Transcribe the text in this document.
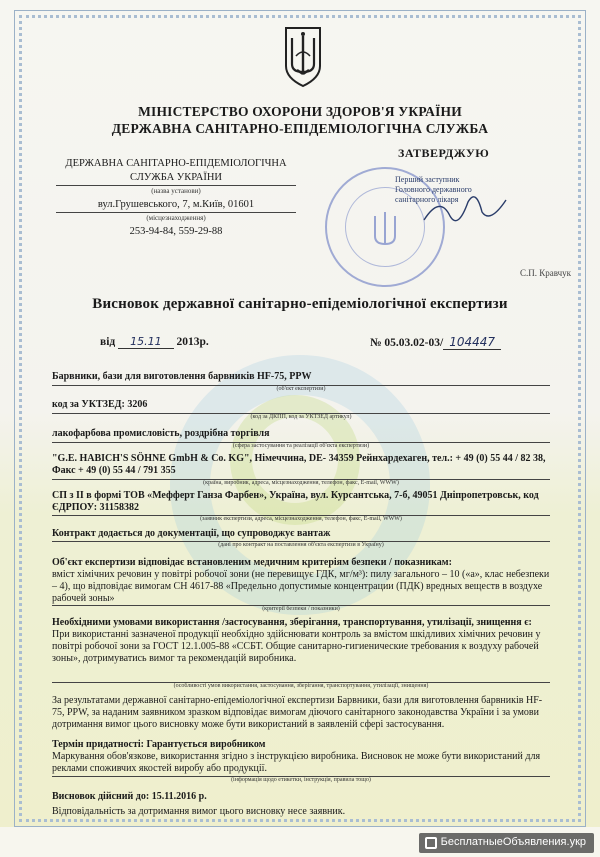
МІНІСТЕРСТВО ОХОРОНИ ЗДОРОВ'Я УКРАЇНИ
ДЕРЖАВНА САНІТАРНО-ЕПІДЕМІОЛОГІЧНА СЛУЖБА
ДЕРЖАВНА САНІТАРНО-ЕПІДЕМІОЛОГІЧНА
СЛУЖБА УКРАЇНИ
(назва установи)
вул.Грушевського, 7, м.Київ, 01601
(місцезнаходження)
253-94-84, 559-29-88
ЗАТВЕРДЖУЮ
Перший заступник
Головного державного
санітарного лікаря
С.П. Кравчук
Висновок державної санітарно-епідеміологічної експертизи
від 15.11 2013р.	№ 05.03.02-03/ 104447
Барвники, бази для виготовлення барвників HF-75, PPW
(об'єкт експертизи)
код за УКТЗЕД: 3206
(код за ДКПП, код за УКТЗЕД артикул)
лакофарбова промисловість, роздрібна торгівля
(сфера застосування та реалізації об'єкта експертизи)
"G.E. HABICH'S SÖHNE GmbH & Co. KG", Німеччина, DE- 34359 Рейнхардехаген, тел.: + 49 (0) 55 44 / 82 38, Факс + 49 (0) 55 44 / 791 355
(країна, виробник, адреса, місцезнаходження, телефон, факс, E-mail, WWW)
СП з II в формі ТОВ «Мефферт Ганза Фарбен», Україна, вул. Курсантська, 7-б, 49051 Дніпропетровськ, код ЄДРПОУ: 31158382
(заявник експертизи, адреса, місцезнаходження, телефон, факс, E-mail, WWW)
Контракт додається до документації, що супроводжує вантаж
(дані про контракт на поставлення об'єкта експертизи в Україну)
Об'єкт експертизи відповідає встановленим медичним критеріям безпеки / показникам:
вміст хімічних речовин у повітрі робочої зони (не перевищує ГДК, мг/м³): пилу загального – 10 («а», клас небезпеки – 4), що відповідає вимогам СН 4617-88 «Предельно допустимые концентрации (ПДК) вредных веществ в воздухе рабочей зоны»
(критерії безпеки / показники)
Необхідними умовами використання /застосування, зберігання, транспортування, утилізації, знищення є:
При використанні зазначеної продукції необхідно здійснювати контроль за вмістом шкідливих хімічних речовин у повітрі робочої зони за ГОСТ 12.1.005-88 «ССБТ. Общие санитарно-гигиенические требования к воздуху рабочей зоны», дотримуватись вимог та рекомендацій виробника.
(особливості умов використання, застосування, зберігання, транспортування, утилізації, знищення)
За результатами державної санітарно-епідеміологічної експертизи Барвники, бази для виготовлення барвників HF-75, PPW, за наданим заявником зразком відповідає вимогам діючого санітарного законодавства України і за умови дотримання вимог цього висновку може бути використаний в заявленій сфері застосування.
Термін придатності: Гарантується виробником
Маркування обов'язкове, використання згідно з інструкцією виробника. Висновок не може бути використаний для реклами споживчих якостей виробу або продукції.
(інформація щодо етикетки, інструкція, правила тощо)
Висновок дійсний до: 15.11.2016 р.
Відповідальність за дотримання вимог цього висновку несе заявник.
БесплатныеОбъявления.укр
